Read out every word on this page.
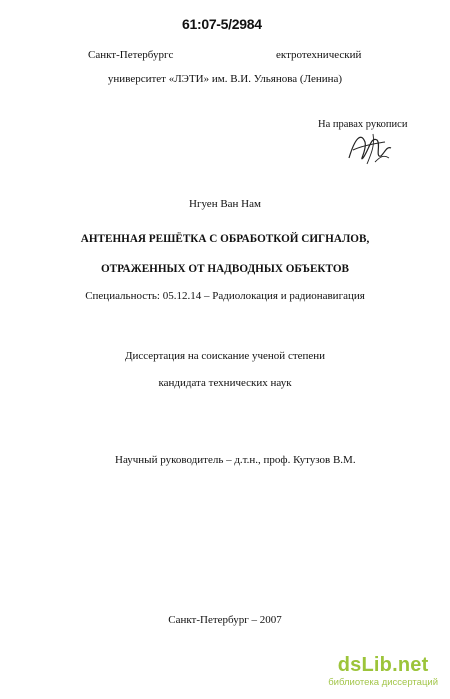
61:07-5/2984
Санкт-Петербургс	ектротехнический
университет «ЛЭТИ» им. В.И. Ульянова (Ленина)
На правах рукописи
Нгуен Ван Нам
АНТЕННАЯ РЕШЁТКА С ОБРАБОТКОЙ СИГНАЛОВ,
ОТРАЖЕННЫХ ОТ НАДВОДНЫХ ОБЪЕКТОВ
Специальность: 05.12.14 – Радиолокация и радионавигация
Диссертация на соискание ученой степени
кандидата технических наук
Научный руководитель – д.т.н., проф. Кутузов В.М.
Санкт-Петербург – 2007
dsLib.net
библиотека диссертаций
